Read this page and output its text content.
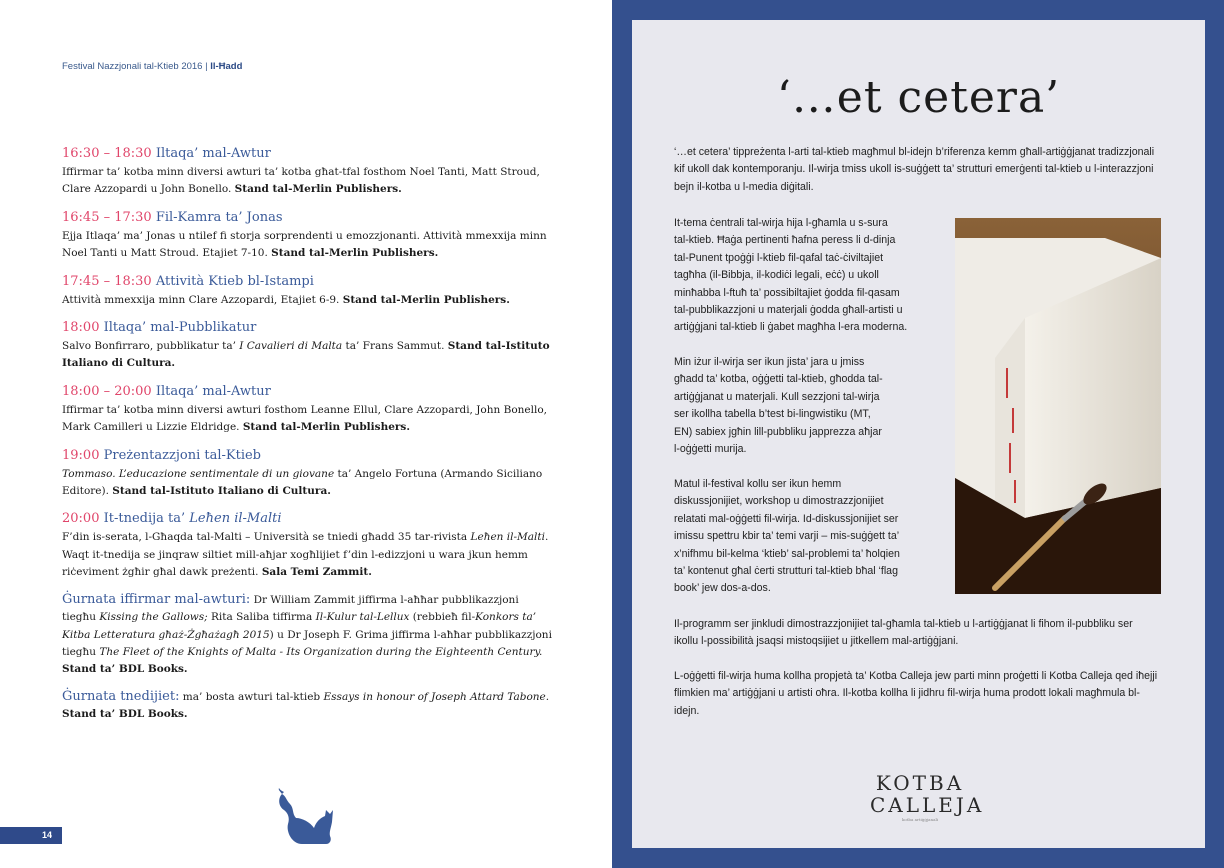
Festival Nazzjonali tal-Ktieb 2016 | Il-Ħadd
16:30 – 18:30 Iltaqa’ mal-Awtur
Iffirmar ta’ kotba minn diversi awturi ta’ kotba għat-tfal fosthom Noel Tanti, Matt Stroud, Clare Azzopardi u John Bonello. Stand tal-Merlin Publishers.
16:45 – 17:30 Fil-Kamra ta’ Jonas
Ejja Itlaqa’ ma’ Jonas u ntilef fi storja sorprendenti u emozzjonanti. Attività mmexxija minn Noel Tanti u Matt Stroud. Etajiet 7-10. Stand tal-Merlin Publishers.
17:45 – 18:30 Attività Ktieb bl-Istampi
Attività mmexxija minn Clare Azzopardi, Etajiet 6-9. Stand tal-Merlin Publishers.
18:00 Iltaqa’ mal-Pubblikatur
Salvo Bonfirraro, pubblikatur ta’ I Cavalieri di Malta ta’ Frans Sammut. Stand tal-Istituto Italiano di Cultura.
18:00 – 20:00 Iltaqa’ mal-Awtur
Iffirmar ta’ kotba minn diversi awturi fosthom Leanne Ellul, Clare Azzopardi, John Bonello, Mark Camilleri u Lizzie Eldridge. Stand tal-Merlin Publishers.
19:00 Preżentazzjoni tal-Ktieb
Tommaso. L’educazione sentimentale di un giovane ta’ Angelo Fortuna (Armando Siciliano Editore). Stand tal-Istituto Italiano di Cultura.
20:00 It-tnedija ta’ Leħen il-Malti
F’din is-serata, l-Għaqda tal-Malti – Università se tniedi għadd 35 tar-rivista Leħen il-Malti. Waqt it-tnedija se jinqraw siltiet mill-aħjar xogħlijiet f’din l-edizzjoni u wara jkun hemm riċeviment żgħir għal dawk preżenti. Sala Temi Zammit.
Ġurnata iffirmar mal-awturi: Dr William Zammit jiffirma l-aħħar pubblikazzjoni tiegħu Kissing the Gallows; Rita Saliba tiffirma Il-Kulur tal-Lellux (rebbieħ fil-Konkors ta’ Kitba Letteratura għaż-Żgħażagħ 2015) u Dr Joseph F. Grima jiffirma l-aħħar pubblikazzjoni tiegħu The Fleet of the Knights of Malta - Its Organization during the Eighteenth Century. Stand ta’ BDL Books.
Ġurnata tnedijiet: ma’ bosta awturi tal-ktieb Essays in honour of Joseph Attard Tabone. Stand ta’ BDL Books.
14
‘…et cetera’
‘…et cetera’ tippreżenta l-arti tal-ktieb magħmul bl-idejn b’riferenza kemm għall-artiġġjanat tradizzjonali kif ukoll dak kontemporanju. Il-wirja tmiss ukoll is-suġġett ta’ strutturi emerġenti tal-ktieb u l-interazzjoni bejn il-kotba u l-media diġitali.
It-tema ċentrali tal-wirja hija l-għamla u s-sura
tal-ktieb. Ħaġa pertinenti ħafna peress li d-dinja
tal-Punent tpoġġi l-ktieb fil-qafal taċ-ċiviltajiet
tagħha (il-Bibbja, il-kodiċi legali, eċċ) u ukoll
minħabba l-ftuħ ta’ possibiltajiet ġodda fil-qasam
tal-pubblikazzjoni u materjali ġodda għall-artisti u
artiġġjani tal-ktieb li ġabet magħha l-era moderna.
Min iżur il-wirja ser ikun jista’ jara u jmiss
għadd ta’ kotba, oġġetti tal-ktieb, għodda tal-
artiġġjanat u materjali. Kull sezzjoni tal-wirja
ser ikollha tabella b’test bi-lingwistiku (MT,
EN) sabiex jgħin lill-pubbliku japprezza aħjar
l-oġġetti murija.
Matul il-festival kollu ser ikun hemm
diskussjonijiet, workshop u dimostrazzjonijiet
relatati mal-oġġetti fil-wirja. Id-diskussjonijiet ser
imissu spettru kbir ta’ temi varji – mis-suġġett ta’
x’nifhmu bil-kelma ‘ktieb’ sal-problemi ta’ ħolqien
ta’ kontenut għal ċerti strutturi tal-ktieb bħal ‘flag
book’ jew dos-a-dos.
Il-programm ser jinkludi dimostrazzjonijiet tal-għamla tal-ktieb u l-artiġġjanat li fihom il-pubbliku ser ikollu l-possibilità jsaqsi mistoqsijiet u jitkellem mal-artiġġjani.
L-oġġetti fil-wirja huma kollha propjetà ta’ Kotba Calleja jew parti minn proġetti li Kotba Calleja qed iħejji flimkien ma’ artiġġjani u artisti oħra. Il-kotba kollha li jidhru fil-wirja huma prodott lokali magħmula bl-idejn.
KOTBA
CALLEJA
kotba artiġġjanali
